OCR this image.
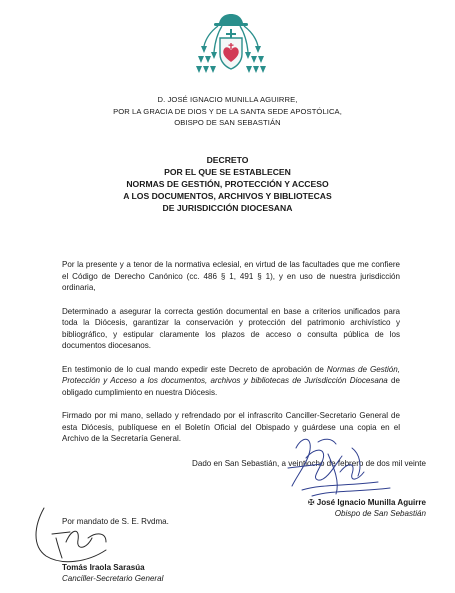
D. JOSÉ IGNACIO MUNILLA AGUIRRE,
POR LA GRACIA DE DIOS Y DE LA SANTA SEDE APOSTÓLICA,
OBISPO DE SAN SEBASTIÁN
DECRETO
POR EL QUE SE ESTABLECEN
NORMAS DE GESTIÓN, PROTECCIÓN Y ACCESO
A LOS DOCUMENTOS, ARCHIVOS Y BIBLIOTECAS
DE JURISDICCIÓN DIOCESANA

Por la presente y a tenor de la normativa eclesial, en virtud de las facultades que me confiere el Código de Derecho Canónico (cc. 486 § 1, 491 § 1), y en uso de nuestra jurisdicción ordinaria,

Determinado a asegurar la correcta gestión documental en base a criterios unificados para toda la Diócesis, garantizar la conservación y protección del patrimonio archivístico y bibliográfico, y estipular claramente los plazos de acceso o consulta pública de los documentos diocesanos.

En testimonio de lo cual mando expedir este Decreto de aprobación de Normas de Gestión, Protección y Acceso a los documentos, archivos y bibliotecas de Jurisdicción Diocesana de obligado cumplimiento en nuestra Diócesis.

Firmado por mi mano, sellado y refrendado por el infrascrito Canciller-Secretario General de esta Diócesis, publíquese en el Boletín Oficial del Obispado y guárdese una copia en el Archivo de la Secretaría General.

Dado en San Sebastián, a veintiocho de febrero de dos mil veinte
✠ José Ignacio Munilla Aguirre
Obispo de San Sebastián
Por mandato de S. E. Rvdma.
Tomás Iraola Sarasúa
Canciller-Secretario General
